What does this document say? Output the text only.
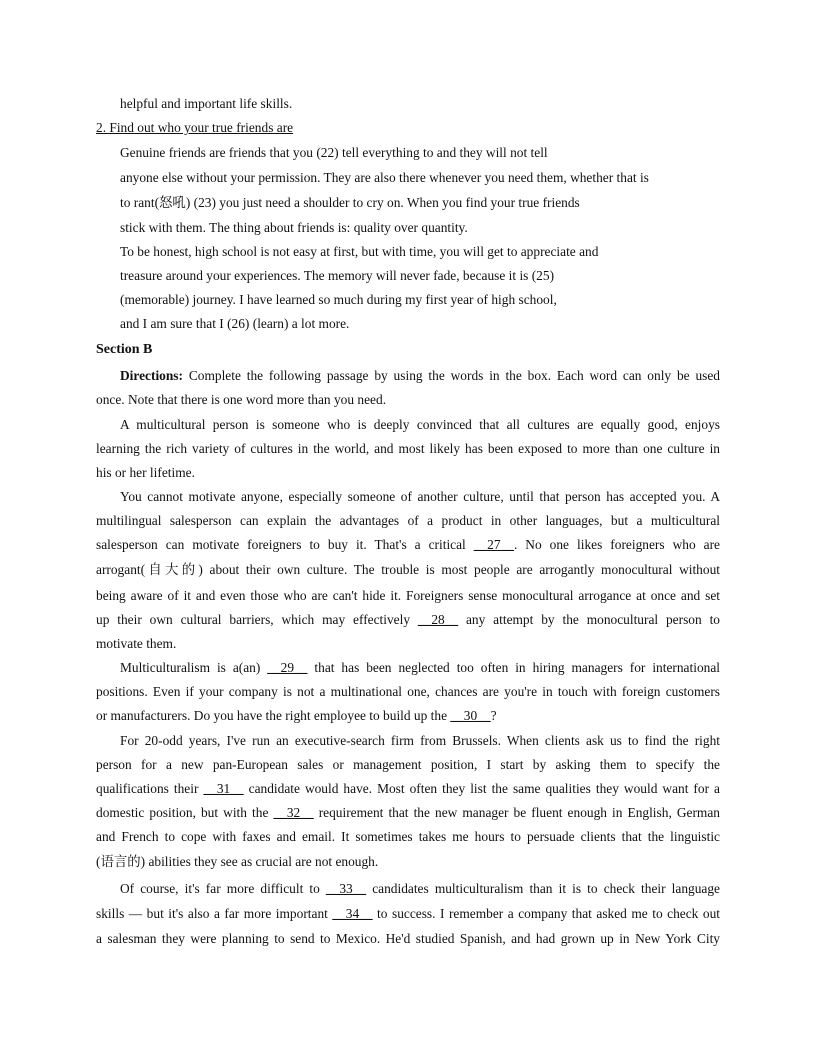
helpful and important life skills.
2. Find out who your true friends are
Genuine friends are friends that you (22) tell everything to and they will not tell
anyone else without your permission. They are also there whenever you need them, whether that is
to rant(怒吼) (23) you just need a shoulder to cry on. When you find your true friends
stick with them. The thing about friends is: quality over quantity.
To be honest, high school is not easy at first, but with time, you will get to appreciate and
treasure around your experiences. The memory will never fade, because it is (25)
(memorable) journey. I have learned so much during my first year of high school,
and I am sure that I (26) (learn) a lot more.
Section B
Directions: Complete the following passage by using the words in the box. Each word can only be used
once. Note that there is one word more than you need.
A multicultural person is someone who is deeply convinced that all cultures are equally good, enjoys
learning the rich variety of cultures in the world, and most likely has been exposed to more than one culture in
his or her lifetime.
You cannot motivate anyone, especially someone of another culture, until that person has accepted you. A
multilingual salesperson can explain the advantages of a product in other languages, but a multicultural
salesperson can motivate foreigners to buy it. That's a critical __27__. No one likes foreigners who are
arrogant(自大的) about their own culture. The trouble is most people are arrogantly monocultural without
being aware of it and even those who are can't hide it. Foreigners sense monocultural arrogance at once and set
up their own cultural barriers, which may effectively __28__ any attempt by the monocultural person to
motivate them.
Multiculturalism is a(an) __29__ that has been neglected too often in hiring managers for international
positions. Even if your company is not a multinational one, chances are you're in touch with foreign customers
or manufacturers. Do you have the right employee to build up the __30__?
For 20-odd years, I've run an executive-search firm from Brussels. When clients ask us to find the right
person for a new pan-European sales or management position, I start by asking them to specify the
qualifications their __31__ candidate would have. Most often they list the same qualities they would want for a
domestic position, but with the __32__ requirement that the new manager be fluent enough in English, German
and French to cope with faxes and email. It sometimes takes me hours to persuade clients that the linguistic
(语言的) abilities they see as crucial are not enough.
Of course, it's far more difficult to __33__ candidates multiculturalism than it is to check their language
skills — but it's also a far more important __34__ to success. I remember a company that asked me to check out
a salesman they were planning to send to Mexico. He'd studied Spanish, and had grown up in New York City
